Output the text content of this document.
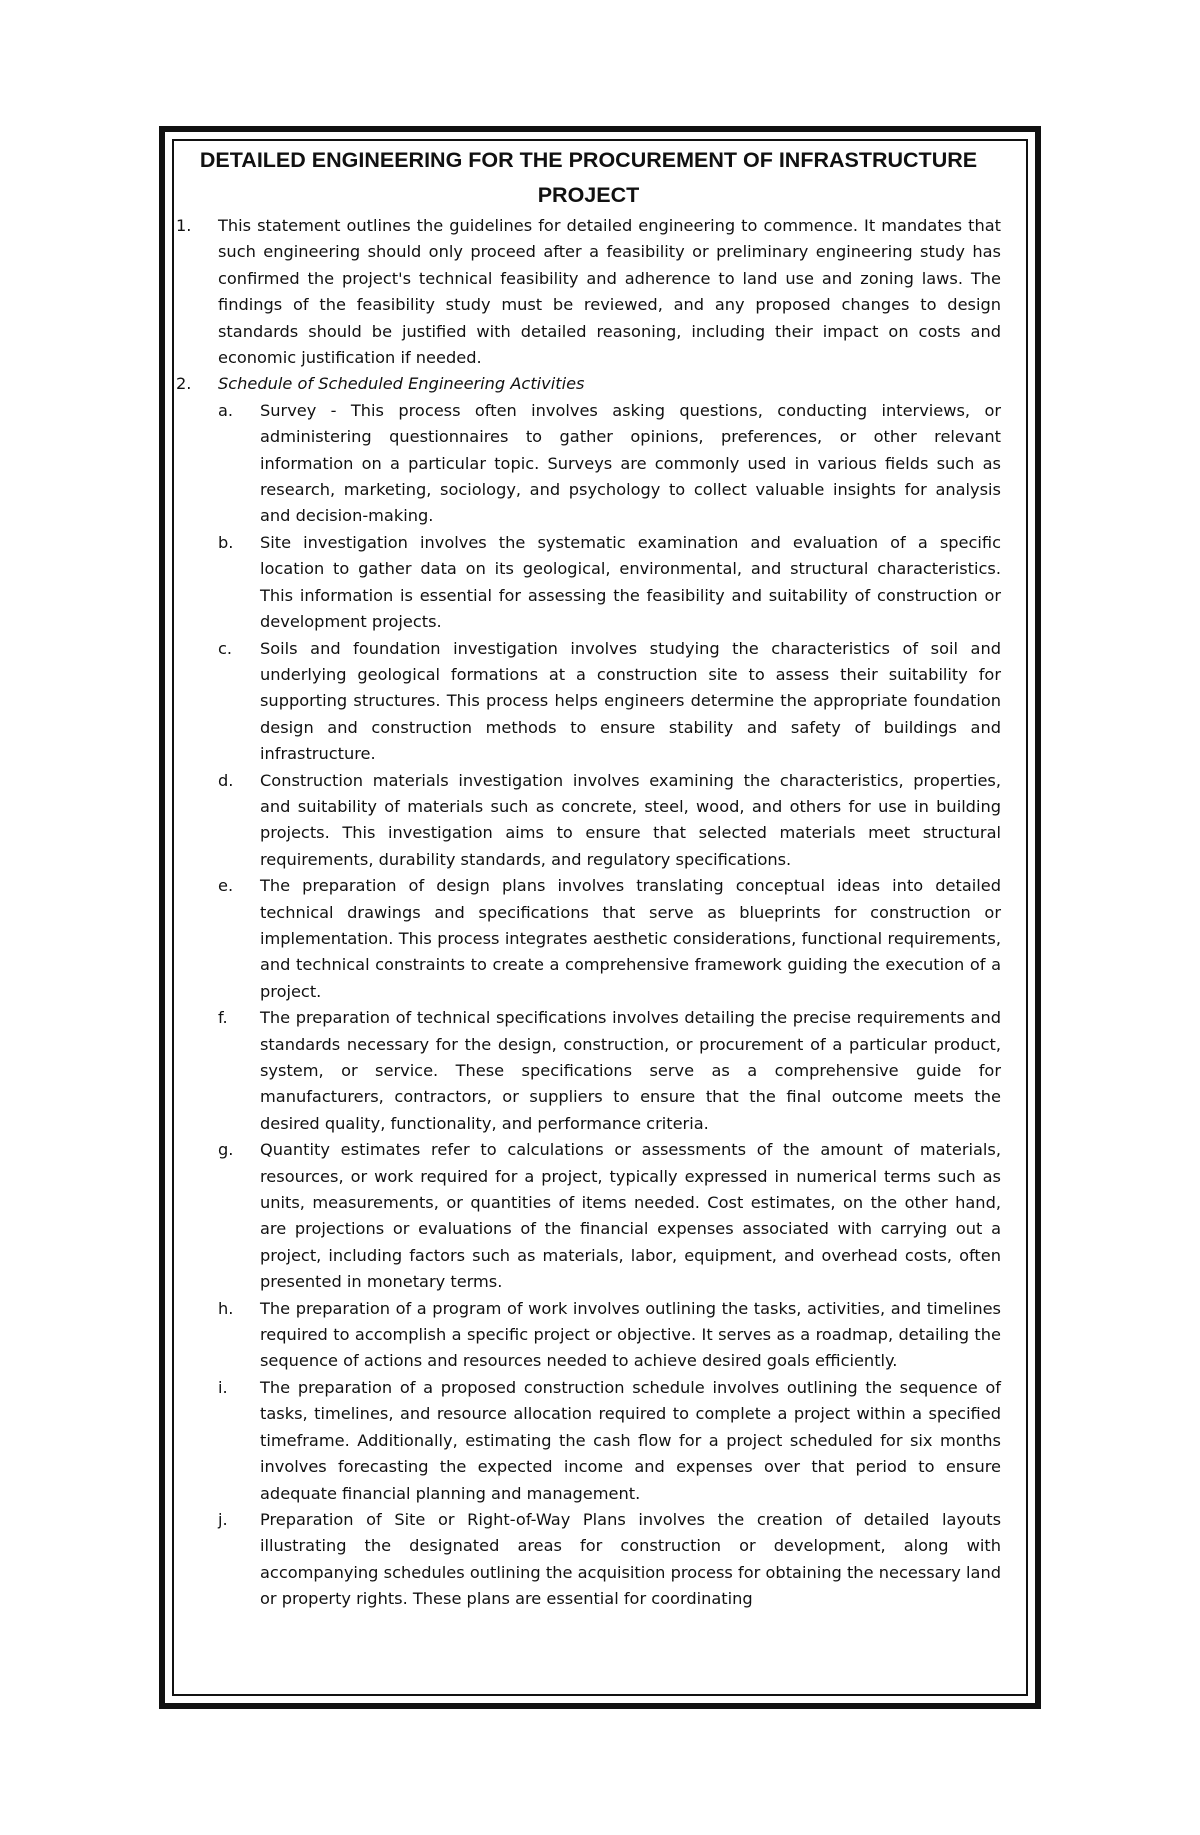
DETAILED ENGINEERING FOR THE PROCUREMENT OF INFRASTRUCTURE PROJECT
1.	This statement outlines the guidelines for detailed engineering to commence. It mandates that such engineering should only proceed after a feasibility or preliminary engineering study has confirmed the project's technical feasibility and adherence to land use and zoning laws. The findings of the feasibility study must be reviewed, and any proposed changes to design standards should be justified with detailed reasoning, including their impact on costs and economic justification if needed.

2.	Schedule of Scheduled Engineering Activities

a.	Survey - This process often involves asking questions, conducting interviews, or administering questionnaires to gather opinions, preferences, or other relevant information on a particular topic. Surveys are commonly used in various fields such as research, marketing, sociology, and psychology to collect valuable insights for analysis and decision-making.

b.	Site investigation involves the systematic examination and evaluation of a specific location to gather data on its geological, environmental, and structural characteristics. This information is essential for assessing the feasibility and suitability of construction or development projects.

c.	Soils and foundation investigation involves studying the characteristics of soil and underlying geological formations at a construction site to assess their suitability for supporting structures. This process helps engineers determine the appropriate foundation design and construction methods to ensure stability and safety of buildings and infrastructure.

d.	Construction materials investigation involves examining the characteristics, properties, and suitability of materials such as concrete, steel, wood, and others for use in building projects. This investigation aims to ensure that selected materials meet structural requirements, durability standards, and regulatory specifications.

e.	The preparation of design plans involves translating conceptual ideas into detailed technical drawings and specifications that serve as blueprints for construction or implementation. This process integrates aesthetic considerations, functional requirements, and technical constraints to create a comprehensive framework guiding the execution of a project.

f.	The preparation of technical specifications involves detailing the precise requirements and standards necessary for the design, construction, or procurement of a particular product, system, or service. These specifications serve as a comprehensive guide for manufacturers, contractors, or suppliers to ensure that the final outcome meets the desired quality, functionality, and performance criteria.

g.	Quantity estimates refer to calculations or assessments of the amount of materials, resources, or work required for a project, typically expressed in numerical terms such as units, measurements, or quantities of items needed. Cost estimates, on the other hand, are projections or evaluations of the financial expenses associated with carrying out a project, including factors such as materials, labor, equipment, and overhead costs, often presented in monetary terms.

h.	The preparation of a program of work involves outlining the tasks, activities, and timelines required to accomplish a specific project or objective. It serves as a roadmap, detailing the sequence of actions and resources needed to achieve desired goals efficiently.

i.	The preparation of a proposed construction schedule involves outlining the sequence of tasks, timelines, and resource allocation required to complete a project within a specified timeframe. Additionally, estimating the cash flow for a project scheduled for six months involves forecasting the expected income and expenses over that period to ensure adequate financial planning and management.

j.	Preparation of Site or Right-of-Way Plans involves the creation of detailed layouts illustrating the designated areas for construction or development, along with accompanying schedules outlining the acquisition process for obtaining the necessary land or property rights. These plans are essential for coordinating
